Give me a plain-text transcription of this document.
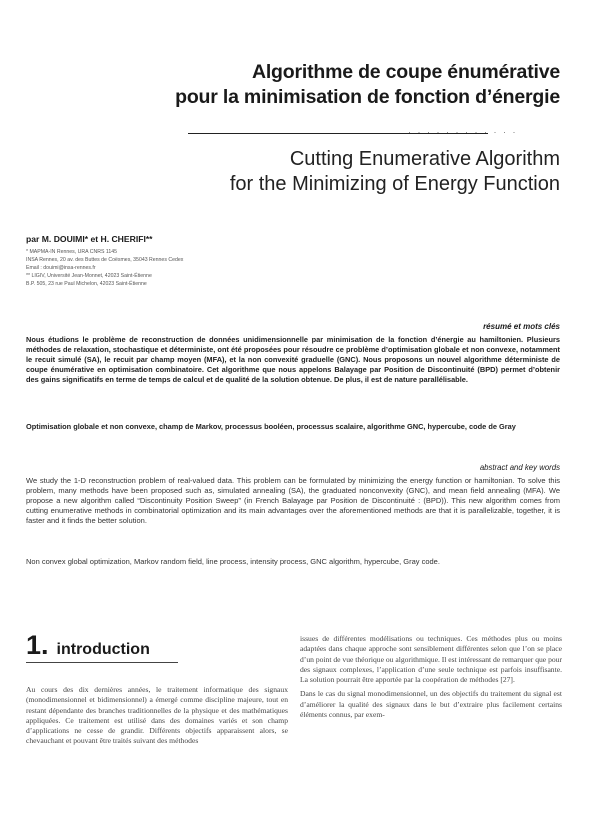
Algorithme de coupe énumérative
pour la minimisation de fonction d’énergie
· · · · · · · · · · · ·
Cutting Enumerative Algorithm
for the Minimizing of Energy Function
par M. DOUIMI* et H. CHERIFI**
* MAPMA-IN Rennes, URA CNRS 1145
INSA Rennes, 20 av. des Buttes de Coësmes, 35043 Rennes Cedex
Email : douimi@insa-rennes.fr
** LIGIV, Université Jean-Monnet, 42023 Saint-Étienne
B.P. 505, 23 rue Paul Michelon, 42023 Saint-Étienne
résumé et mots clés
Nous étudions le problème de reconstruction de données unidimensionnelle par minimisation de la fonction d’énergie au hamiltonien. Plusieurs méthodes de relaxation, stochastique et déterministe, ont été proposées pour résoudre ce problème d’optimisation globale et non convexe, notamment le recuit simulé (SA), le recuit par champ moyen (MFA), et la non convexité graduelle (GNC). Nous proposons un nouvel algorithme déterministe de coupe énumérative en optimisation combinatoire. Cet algorithme que nous appelons Balayage par Position de Discontinuité (BPD) permet d’obtenir des gains significatifs en terme de temps de calcul et de qualité de la solution obtenue. De plus, il est de nature parallélisable.
Optimisation globale et non convexe, champ de Markov, processus booléen, processus scalaire, algorithme GNC, hypercube, code de Gray
abstract and key words
We study the 1-D reconstruction problem of real-valued data. This problem can be formulated by minimizing the energy function or hamiltonian. To solve this problem, many methods have been proposed such as, simulated annealing (SA), the graduated nonconvexity (GNC), and mean field annealing (MFA). We propose a new algorithm called “Discontinuity Position Sweep” (in French Balayage par Position de Discontinuité : (BPD)). This new algorithm comes from cutting enumerative methods in combinatorial optimization and its main advantages over the aforementioned methods are that it is parallelizable, together, it is faster and it finds the better solution.
Non convex global optimization, Markov random field, line process, intensity process, GNC algorithm, hypercube, Gray code.
1. introduction

Au cours des dix dernières années, le traitement informatique des signaux (monodimensionnel et bidimensionnel) a émergé comme discipline majeure, tout en restant dépendante des branches traditionnelles de la physique et des mathématiques appliquées. Ce traitement est utilisé dans des domaines variés et son champ d’applications ne cesse de grandir. Différents objectifs apparaissent alors, se chevauchant et pouvant être traités suivant des méthodes

issues de différentes modélisations ou techniques. Ces méthodes plus ou moins adaptées dans chaque approche sont sensiblement différentes selon que l’on se place d’un point de vue théorique ou algorithmique. Il est intéressant de remarquer que pour des signaux complexes, l’application d’une seule technique est parfois insuffisante. La solution pourrait être apportée par la coopération de méthodes [27].

Dans le cas du signal monodimensionnel, un des objectifs du traitement du signal est d’améliorer la qualité des signaux dans le but d’extraire plus facilement certains éléments connus, par exem-
